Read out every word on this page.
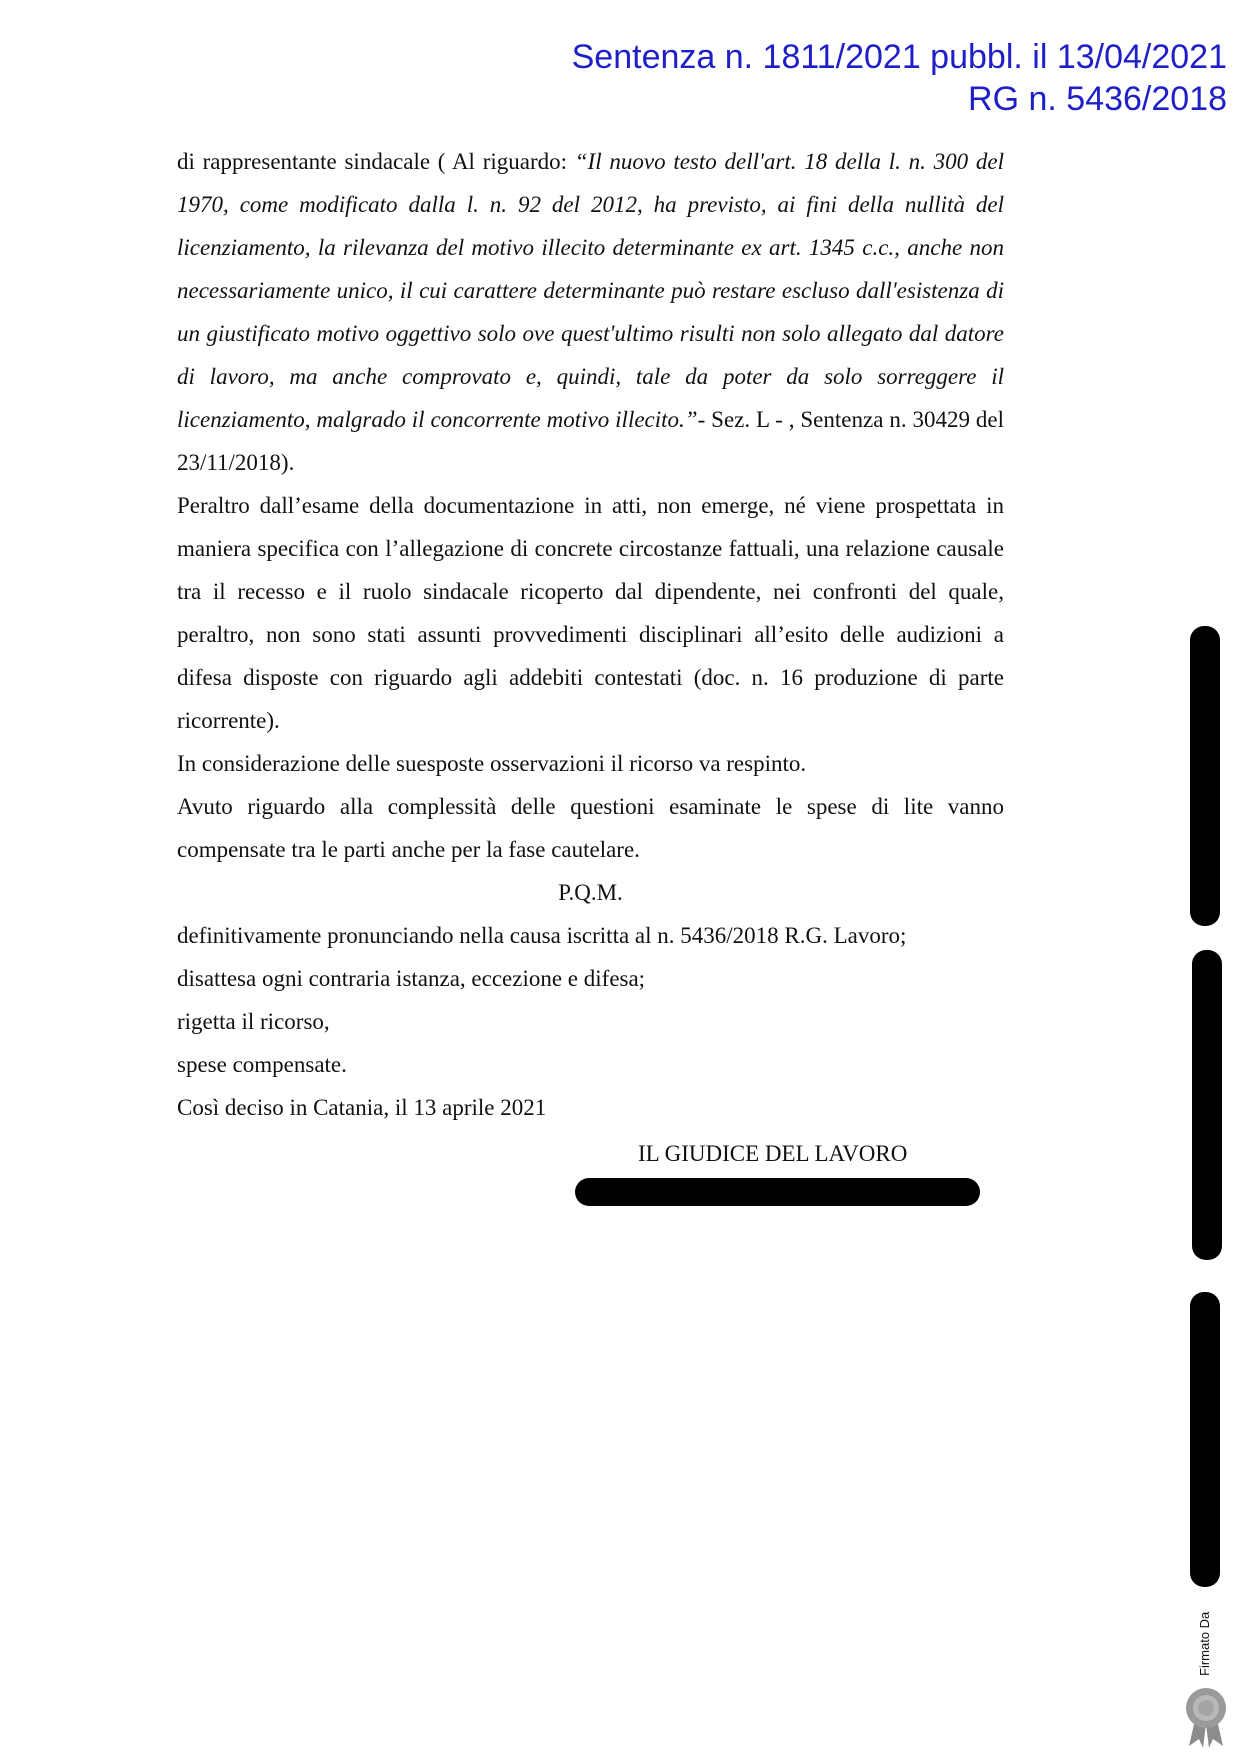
Sentenza n. 1811/2021 pubbl. il 13/04/2021
RG n. 5436/2018

di rappresentante sindacale ( Al riguardo: “Il nuovo testo dell'art. 18 della l. n. 300 del 1970, come modificato dalla l. n. 92 del 2012, ha previsto, ai fini della nullità del licenziamento, la rilevanza del motivo illecito determinante ex art. 1345 c.c., anche non necessariamente unico, il cui carattere determinante può restare escluso dall'esistenza di un giustificato motivo oggettivo solo ove quest'ultimo risulti non solo allegato dal datore di lavoro, ma anche comprovato e, quindi, tale da poter da solo sorreggere il licenziamento, malgrado il concorrente motivo illecito.”- Sez. L - , Sentenza n. 30429 del 23/11/2018).

Peraltro dall’esame della documentazione in atti, non emerge, né viene prospettata in maniera specifica con l’allegazione di concrete circostanze fattuali, una relazione causale tra il recesso e il ruolo sindacale ricoperto dal dipendente, nei confronti del quale, peraltro, non sono stati assunti provvedimenti disciplinari all’esito delle audizioni a difesa disposte con riguardo agli addebiti contestati (doc. n. 16 produzione di parte ricorrente).

In considerazione delle suesposte osservazioni il ricorso va respinto.

Avuto riguardo alla complessità delle questioni esaminate le spese di lite vanno compensate tra le parti anche per la fase cautelare.

P.Q.M.

definitivamente pronunciando nella causa iscritta al n. 5436/2018 R.G. Lavoro;

disattesa ogni contraria istanza, eccezione e difesa;

rigetta il ricorso,

spese compensate.

Così deciso in Catania, il 13 aprile 2021

IL GIUDICE DEL LAVORO
Firmato Da
